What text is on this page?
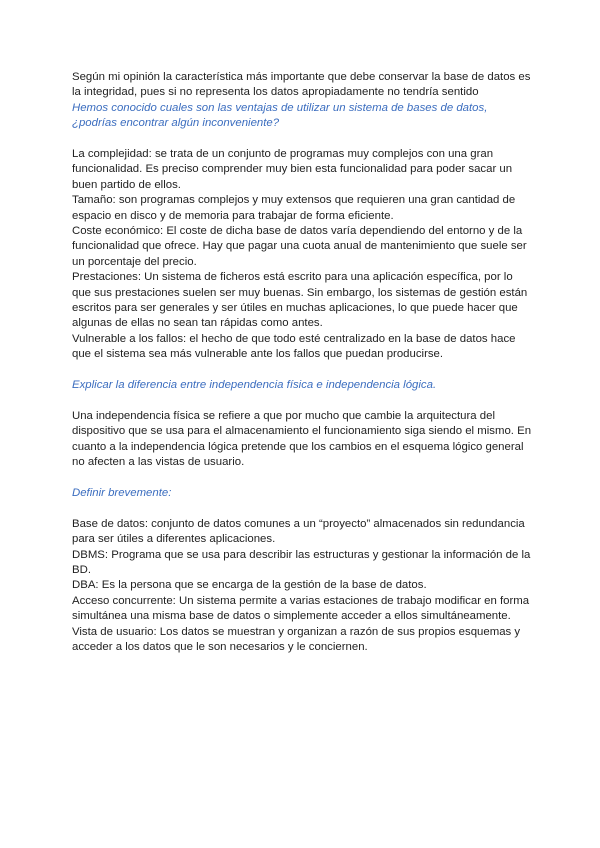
Según mi opinión la característica más importante que debe conservar la base de datos es la integridad, pues si no representa los datos apropiadamente no tendría sentido

Hemos conocido cuales son las ventajas de utilizar un sistema de bases de datos, ¿podrías encontrar algún inconveniente?

La complejidad: se trata de un conjunto de programas muy complejos con una gran funcionalidad. Es preciso comprender muy bien esta funcionalidad para poder sacar un buen partido de ellos.

Tamaño: son programas complejos y muy extensos que requieren una gran cantidad de espacio en disco y de memoria para trabajar de forma eficiente.

Coste económico: El coste de dicha base de datos varía dependiendo del entorno y de la funcionalidad que ofrece. Hay que pagar una cuota anual de mantenimiento que suele ser un porcentaje del precio.

Prestaciones: Un sistema de ficheros está escrito para una aplicación específica, por lo que sus prestaciones suelen ser muy buenas. Sin embargo, los sistemas de gestión están escritos para ser generales y ser útiles en muchas aplicaciones, lo que puede hacer que algunas de ellas no sean tan rápidas como antes.

Vulnerable a los fallos: el hecho de que todo esté centralizado en la base de datos hace que el sistema sea más vulnerable ante los fallos que puedan producirse.

Explicar la diferencia entre independencia física e independencia lógica.

Una independencia física se refiere a que por mucho que cambie la arquitectura del dispositivo que se usa para el almacenamiento el funcionamiento siga siendo el mismo. En cuanto a la independencia lógica pretende que los cambios en el esquema lógico general no afecten a las vistas de usuario.

Definir brevemente:

Base de datos: conjunto de datos comunes a un “proyecto” almacenados sin redundancia para ser útiles a diferentes aplicaciones.

DBMS: Programa que se usa para describir las estructuras y gestionar la información de la BD.

DBA: Es la persona que se encarga de la gestión de la base de datos.

Acceso concurrente: Un sistema permite a varias estaciones de trabajo modificar en forma simultánea una misma base de datos o simplemente acceder a ellos simultáneamente.

Vista de usuario: Los datos se muestran y organizan a razón de sus propios esquemas y acceder a los datos que le son necesarios y le conciernen.
